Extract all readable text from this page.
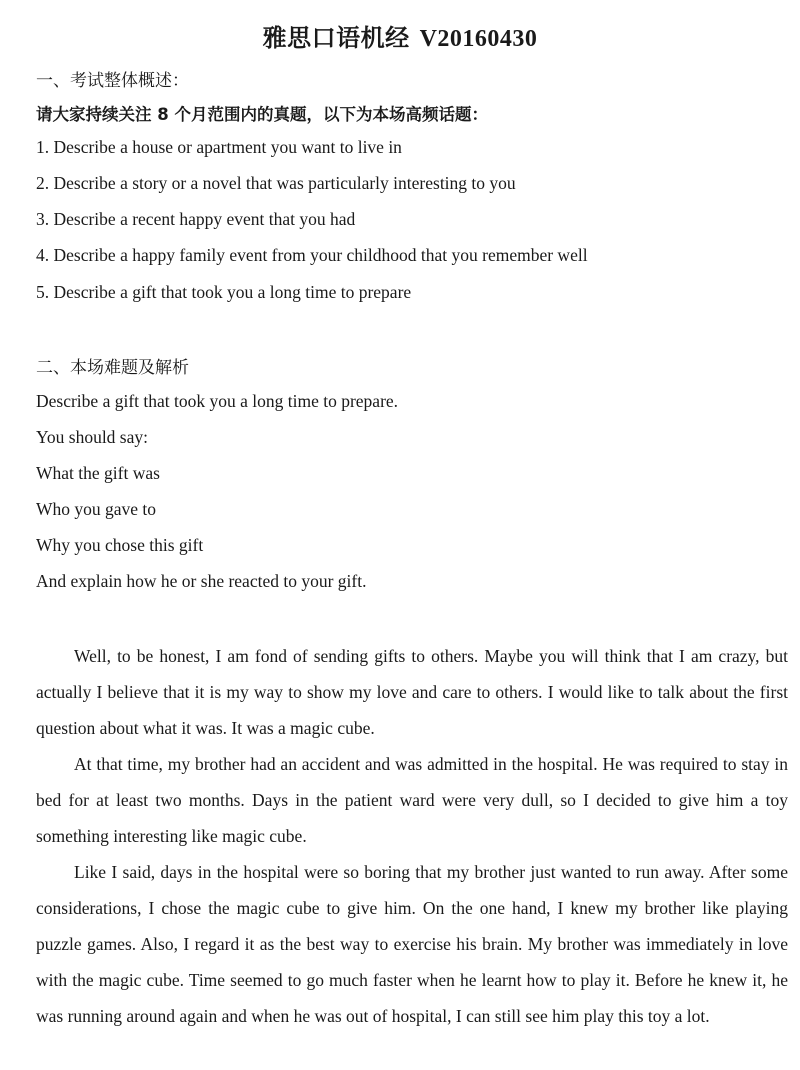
雅思口语机经 V20160430
一、考试整体概述：
请大家持续关注 8 个月范围内的真题，以下为本场高频话题：
1. Describe a house or apartment you want to live in
2. Describe a story or a novel that was particularly interesting to you
3. Describe a recent happy event that you had
4. Describe a happy family event from your childhood that you remember well
5. Describe a gift that took you a long time to prepare
二、本场难题及解析
Describe a gift that took you a long time to prepare.
You should say:
What the gift was
Who you gave to
Why you chose this gift
And explain how he or she reacted to your gift.

Well, to be honest, I am fond of sending gifts to others. Maybe you will think that I am crazy, but actually I believe that it is my way to show my love and care to others. I would like to talk about the first question about what it was. It was a magic cube.

At that time, my brother had an accident and was admitted in the hospital. He was required to stay in bed for at least two months. Days in the patient ward were very dull, so I decided to give him a toy something interesting like magic cube.

Like I said, days in the hospital were so boring that my brother just wanted to run away. After some considerations, I chose the magic cube to give him. On the one hand, I knew my brother like playing puzzle games. Also, I regard it as the best way to exercise his brain. My brother was immediately in love with the magic cube. Time seemed to go much faster when he learnt how to play it. Before he knew it, he was running around again and when he was out of hospital, I can still see him play this toy a lot.
